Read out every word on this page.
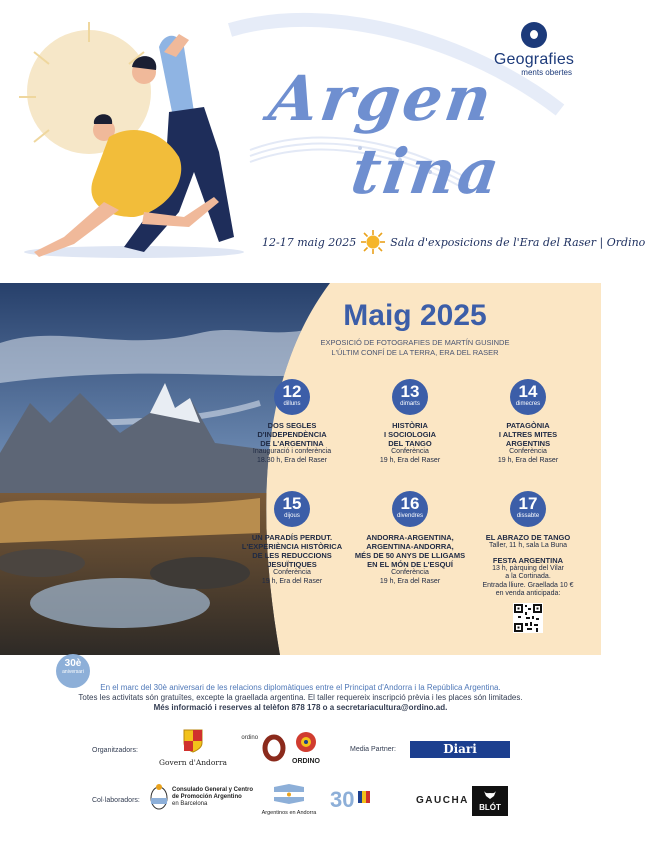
Geografies
ments obertes
Argen
tina
12-17 maig 2025	Sala d'exposicions de l'Era del Raser | Ordino
Maig 2025
EXPOSICIÓ DE FOTOGRAFIES DE MARTÍN GUSINDE
L'ÚLTIM CONFÍ DE LA TERRA, ERA DEL RASER
12
dilluns
DOS SEGLES
D'INDEPENDÈNCIA
DE L'ARGENTINA
Inauguració i conferència
18.30 h, Era del Raser
13
dimarts
HISTÒRIA
I SOCIOLOGIA
DEL TANGO
Conferència
19 h, Era del Raser
14
dimecres
PATAGÒNIA
I ALTRES MITES
ARGENTINS
Conferència
19 h, Era del Raser
15
dijous
UN PARADÍS PERDUT.
L'EXPERIÈNCIA HISTÒRICA
DE LES REDUCCIONS
JESUÏTIQUES
Conferència
19 h, Era del Raser
16
divendres
ANDORRA-ARGENTINA,
ARGENTINA-ANDORRA,
MÉS DE 50 ANYS DE LLIGAMS
EN EL MÓN DE L'ESQUÍ
Conferència
19 h, Era del Raser
17
dissabte
EL ABRAZO DE TANGO
Taller, 11 h, sala La Buna
FESTA ARGENTINA
13 h, pàrquing del Vilar
a la Cortinada.
Entrada lliure. Graellada 10 €
en venda anticipada:
30è
aniversari
En el marc del 30è aniversari de les relacions diplomàtiques entre el Principat d'Andorra i la República Argentina.
Totes les activitats són gratuïtes, excepte la graellada argentina. El taller requereix inscripció prèvia i les places són limitades.
Més informació i reserves al telèfon 878 178 o a secretariacultura@ordino.ad.
Organitzadors:
Govern d'Andorra
$^{ordino}$
ORDINO
Media Partner:	Diari d'Andorra
Col·laboradors:
Consulado General y Centro
de Promoción Argentino
en Barcelona
Argentinos en Andorra
30	GAUCHA
BLÓT
